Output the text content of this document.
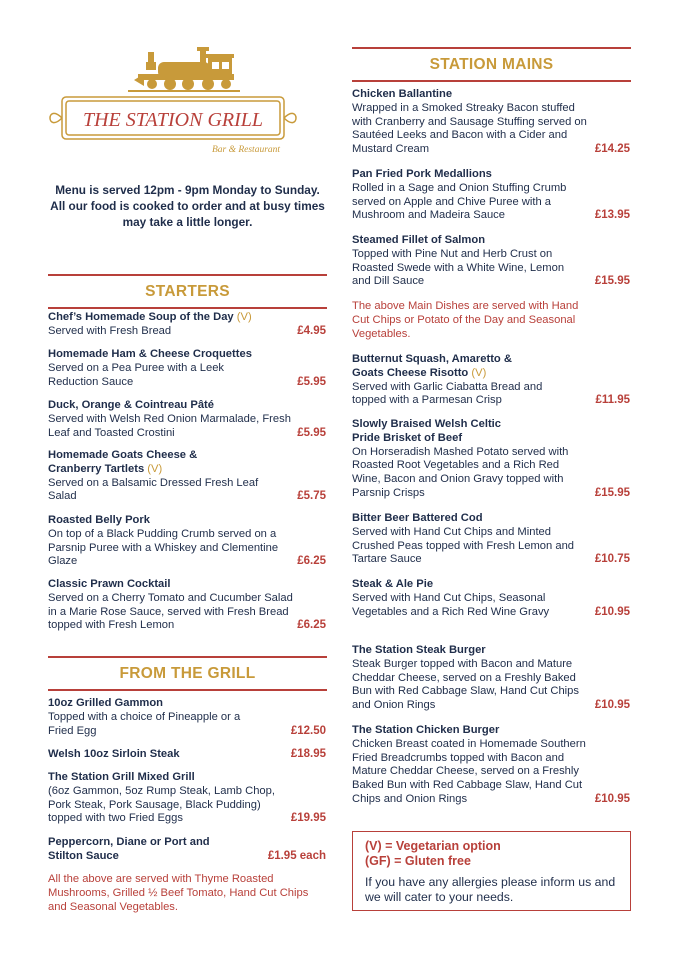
THE STATION GRILL
Bar & Restaurant
Menu is served 12pm - 9pm Monday to Sunday. All our food is cooked to order and at busy times may take a little longer.
STARTERS
Chef’s Homemade Soup of the Day (V)
Served with Fresh Bread	£4.95
Homemade Ham & Cheese Croquettes
Served on a Pea Puree with a Leek Reduction Sauce	£5.95
Duck, Orange & Cointreau Pâté
Served with Welsh Red Onion Marmalade, Fresh Leaf and Toasted Crostini	£5.95
Homemade Goats Cheese & Cranberry Tartlets (V)
Served on a Balsamic Dressed Fresh Leaf Salad	£5.75
Roasted Belly Pork
On top of a Black Pudding Crumb served on a Parsnip Puree with a Whiskey and Clementine Glaze	£6.25
Classic Prawn Cocktail
Served on a Cherry Tomato and Cucumber Salad in a Marie Rose Sauce, served with Fresh Bread topped with Fresh Lemon	£6.25
FROM THE GRILL
10oz Grilled Gammon
Topped with a choice of Pineapple or a Fried Egg	£12.50
Welsh 10oz Sirloin Steak	£18.95
The Station Grill Mixed Grill
(6oz Gammon, 5oz Rump Steak, Lamb Chop, Pork Steak, Pork Sausage, Black Pudding) topped with two Fried Eggs	£19.95
Peppercorn, Diane or Port and Stilton Sauce	£1.95 each
All the above are served with Thyme Roasted Mushrooms, Grilled ½ Beef Tomato, Hand Cut Chips and Seasonal Vegetables.
STATION MAINS
Chicken Ballantine
Wrapped in a Smoked Streaky Bacon stuffed with Cranberry and Sausage Stuffing served on Sautéed Leeks and Bacon with a Cider and Mustard Cream	£14.25
Pan Fried Pork Medallions
Rolled in a Sage and Onion Stuffing Crumb served on Apple and Chive Puree with a Mushroom and Madeira Sauce	£13.95
Steamed Fillet of Salmon
Topped with Pine Nut and Herb Crust on Roasted Swede with a White Wine, Lemon and Dill Sauce	£15.95
The above Main Dishes are served with Hand Cut Chips or Potato of the Day and Seasonal Vegetables.
Butternut Squash, Amaretto & Goats Cheese Risotto (V)
Served with Garlic Ciabatta Bread and topped with a Parmesan Crisp	£11.95
Slowly Braised Welsh Celtic Pride Brisket of Beef
On Horseradish Mashed Potato served with Roasted Root Vegetables and a Rich Red Wine, Bacon and Onion Gravy topped with Parsnip Crisps	£15.95
Bitter Beer Battered Cod
Served with Hand Cut Chips and Minted Crushed Peas topped with Fresh Lemon and Tartare Sauce	£10.75
Steak & Ale Pie
Served with Hand Cut Chips, Seasonal Vegetables and a Rich Red Wine Gravy	£10.95
The Station Steak Burger
Steak Burger topped with Bacon and Mature Cheddar Cheese, served on a Freshly Baked Bun with Red Cabbage Slaw, Hand Cut Chips and Onion Rings	£10.95
The Station Chicken Burger
Chicken Breast coated in Homemade Southern Fried Breadcrumbs topped with Bacon and Mature Cheddar Cheese, served on a Freshly Baked Bun with Red Cabbage Slaw, Hand Cut Chips and Onion Rings	£10.95
(V) = Vegetarian option
(GF) = Gluten free
If you have any allergies please inform us and we will cater to your needs.
